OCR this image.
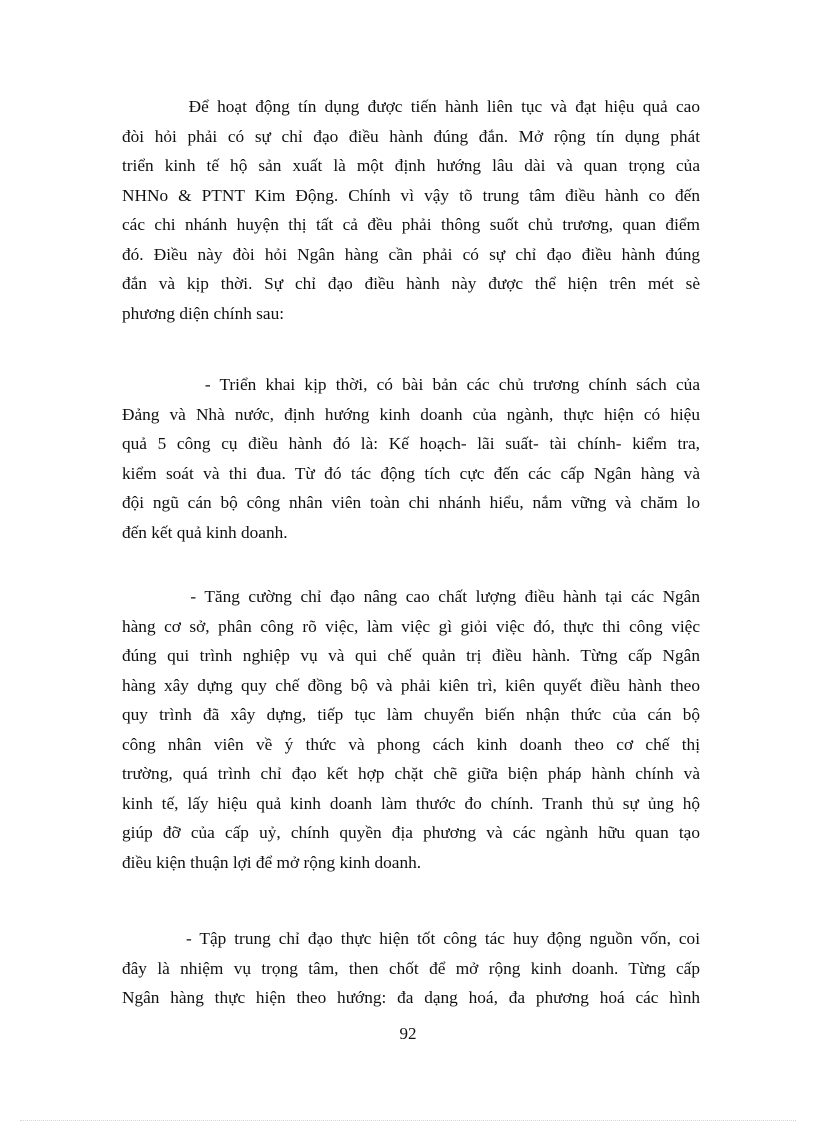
Để hoạt động tín dụng được tiến hành liên tục và đạt hiệu quả cao
đòi hỏi phải có sự chỉ đạo điều hành đúng đắn. Mở rộng tín dụng phát
triển kinh tế hộ sản xuất là một định hướng lâu dài và quan trọng của
NHNo & PTNT Kim Động. Chính vì vậy tõ trung tâm điều hành co đến
các chi nhánh huyện thị tất cả đều phải thông suốt chủ trương, quan điểm
đó. Điều này đòi hỏi Ngân hàng cần phải có sự chỉ đạo điều hành đúng
đắn và kịp thời. Sự chỉ đạo điều hành này được thể hiện trên mét sè
phương diện chính sau:
- Triển khai kịp thời, có bài bản các chủ trương chính sách của
Đảng và Nhà nước, định hướng kinh doanh của ngành, thực hiện có hiệu
quả 5 công cụ điều hành đó là: Kế hoạch- lãi suất- tài chính- kiểm tra,
kiểm soát và thi đua. Từ đó tác động tích cực đến các cấp Ngân hàng và
đội ngũ cán bộ công nhân viên toàn chi nhánh hiểu, nắm vững và chăm lo
đến kết quả kinh doanh.
- Tăng cường chỉ đạo nâng cao chất lượng điều hành tại các Ngân
hàng cơ sở, phân công rõ việc, làm việc gì giỏi việc đó, thực thi công việc
đúng qui trình nghiệp vụ và qui chế quản trị điều hành. Từng cấp Ngân
hàng xây dựng quy chế đồng bộ và phải kiên trì, kiên quyết điều hành theo
quy trình đã xây dựng, tiếp tục làm chuyển biến nhận thức của cán bộ
công nhân viên về ý thức và phong cách kinh doanh theo cơ chế thị
trường, quá trình chỉ đạo kết hợp chặt chẽ giữa biện pháp hành chính và
kinh tế, lấy hiệu quả kinh doanh làm thước đo chính. Tranh thủ sự ủng hộ
giúp đỡ của cấp uỷ, chính quyền địa phương và các ngành hữu quan tạo
điều kiện thuận lợi để mở rộng kinh doanh.
- Tập trung chỉ đạo thực hiện tốt công tác huy động nguồn vốn, coi
đây là nhiệm vụ trọng tâm, then chốt để mở rộng kinh doanh. Từng cấp
Ngân hàng thực hiện theo hướng: đa dạng hoá, đa phương hoá các hình
92
